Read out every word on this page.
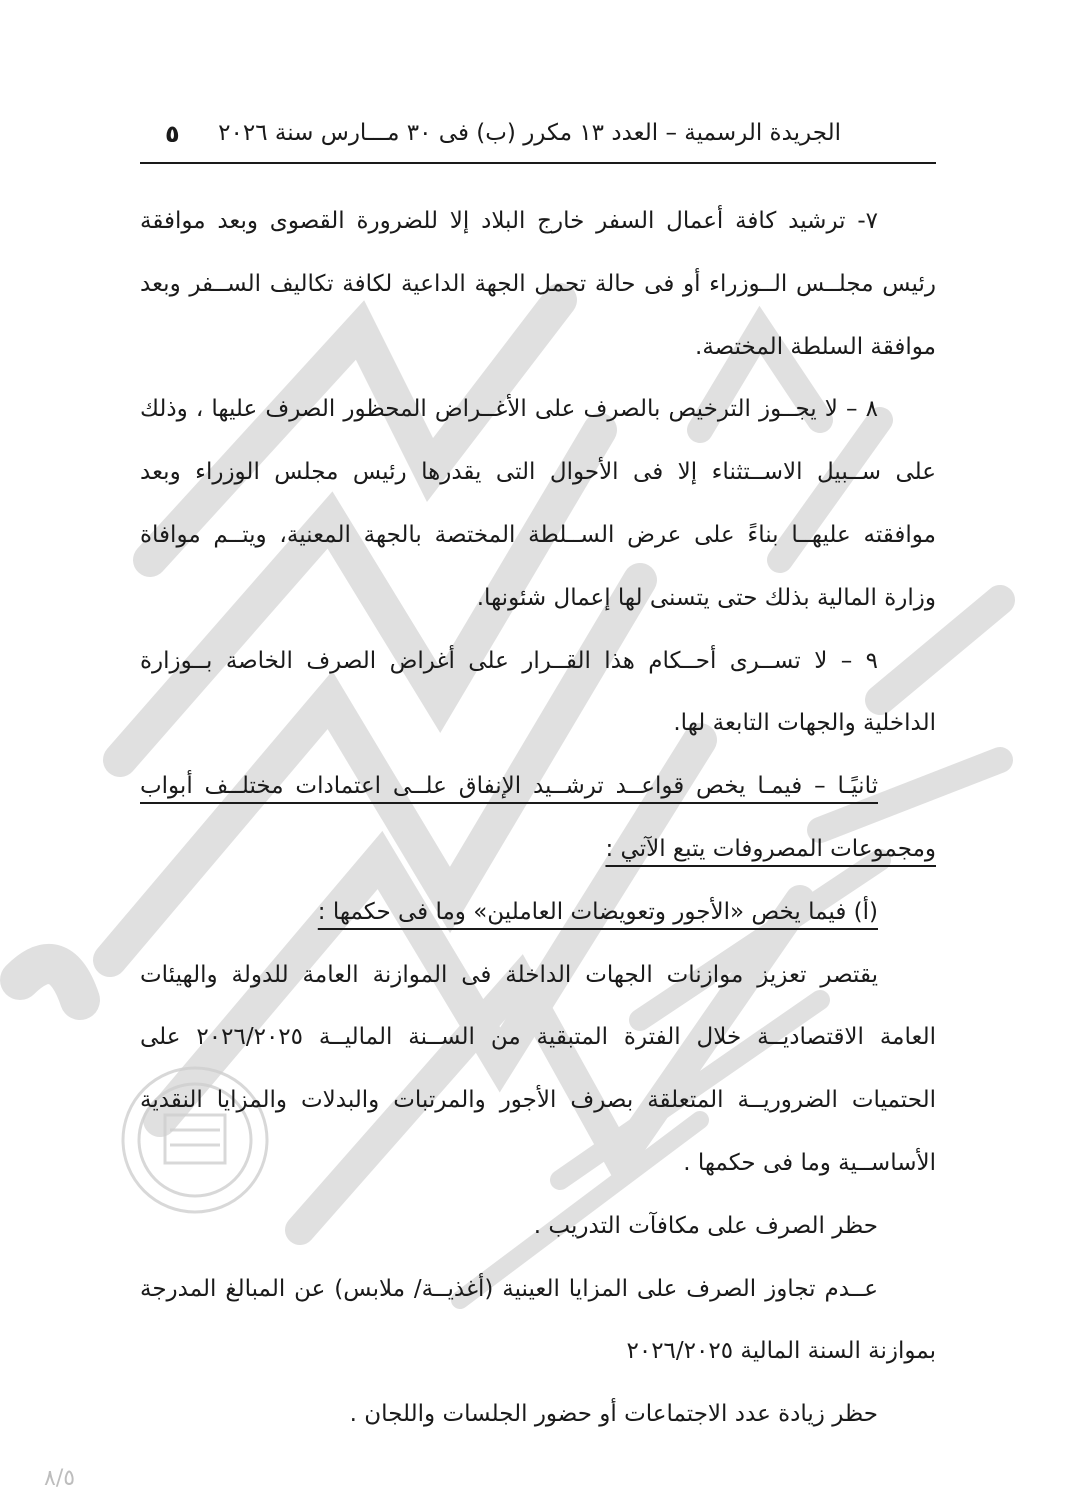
الجريدة الرسمية – العدد ١٣ مكرر (ب) فى ٣٠ مـــارس سنة ٢٠٢٦
٥

٧- ترشيد كافة أعمال السفر خارج البلاد إلا للضرورة القصوى وبعد موافقة رئيس مجلــس الــوزراء أو فى حالة تحمل الجهة الداعية لكافة تكاليف الســفر وبعد موافقة السلطة المختصة.

٨ – لا يجــوز الترخيص بالصرف على الأغــراض المحظور الصرف عليها ، وذلك على ســبيل الاســتثناء إلا فى الأحوال التى يقدرها رئيس مجلس الوزراء وبعد موافقته عليهــا بناءً على عرض الســلطة المختصة بالجهة المعنية، ويتــم موافاة وزارة المالية بذلك حتى يتسنى لها إعمال شئونها.

٩ – لا تســرى أحــكام هذا القــرار على أغراض الصرف الخاصة بــوزارة الداخلية والجهات التابعة لها.

ثانيًـا – فيمـا يخص قواعــد ترشــيد الإنفاق علــى اعتمادات مختلــف أبواب ومجموعات المصروفات يتبع الآتي :

(أ) فيما يخص «الأجور وتعويضات العاملين» وما فى حكمها :

يقتصر تعزيز موازنات الجهات الداخلة فى الموازنة العامة للدولة والهيئات العامة الاقتصاديــة خلال الفترة المتبقية من الســنة الماليــة ٢٠٢٦/٢٠٢٥ على الحتميات الضروريــة المتعلقة بصرف الأجور والمرتبات والبدلات والمزايا النقدية الأساســية وما فى حكمها .

حظر الصرف على مكافآت التدريب .

عــدم تجاوز الصرف على المزايا العينية (أغذيــة/ ملابس) عن المبالغ المدرجة بموازنة السنة المالية ٢٠٢٦/٢٠٢٥

حظر زيادة عدد الاجتماعات أو حضور الجلسات واللجان .

٨/٥
